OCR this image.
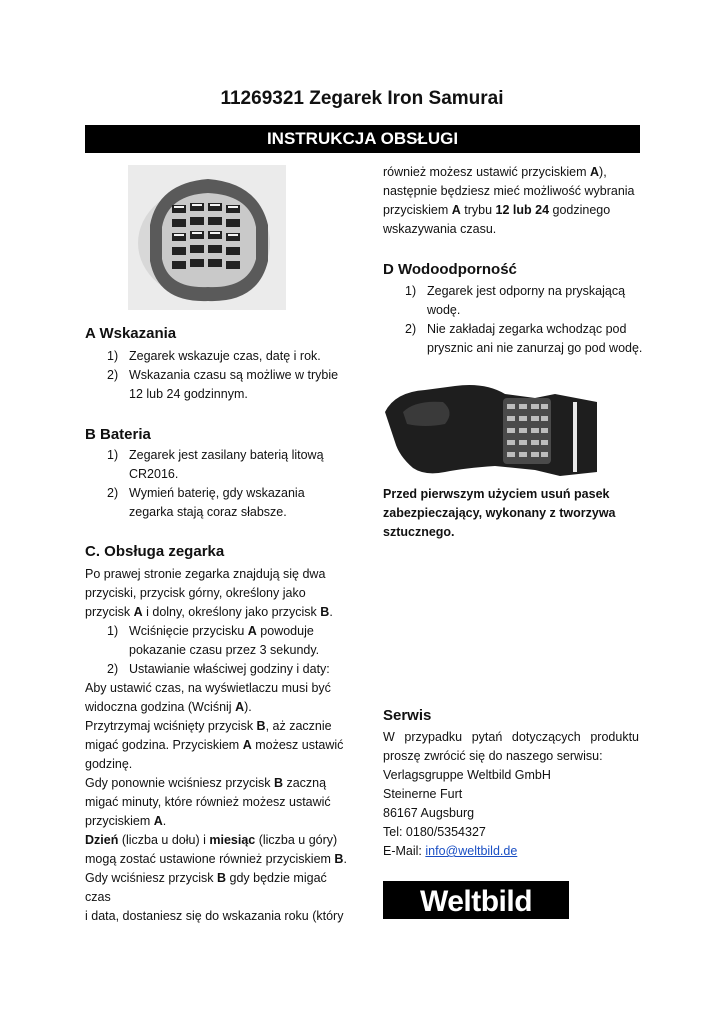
11269321 Zegarek Iron Samurai
INSTRUKCJA OBSŁUGI
A Wskazania
1) Zegarek wskazuje czas, datę i rok.
2) Wskazania czasu są możliwe w trybie
12 lub 24 godzinnym.
B Bateria
1) Zegarek jest zasilany baterią litową
CR2016.
2) Wymień baterię, gdy wskazania
zegarka stają coraz słabsze.
C. Obsługa zegarka

Po prawej stronie zegarka znajdują się dwa

przyciski, przycisk górny, określony jako

przycisk A i dolny, określony jako przycisk B.

1) Wciśnięcie przycisku A powoduje
pokazanie czasu przez 3 sekundy.
2) Ustawianie właściwej godziny i daty:

Aby ustawić czas, na wyświetlaczu musi być

widoczna godzina (Wciśnij A).

Przytrzymaj wciśnięty przycisk B, aż zacznie

migać godzina. Przyciskiem A możesz ustawić

godzinę.

Gdy ponownie wciśniesz przycisk B zaczną

migać minuty, które również możesz ustawić

przyciskiem A.

Dzień (liczba u dołu) i miesiąc (liczba u góry)

mogą zostać ustawione również przyciskiem B.

Gdy wciśniesz przycisk B gdy będzie migać czas

i data, dostaniesz się do wskazania roku (który

również możesz ustawić przyciskiem A),

następnie będziesz mieć możliwość wybrania

przyciskiem A trybu 12 lub 24 godzinego

wskazywania czasu.

D Wodoodporność
1) Zegarek jest odporny na pryskającą
wodę.
2) Nie zakładaj zegarka wchodząc pod
prysznic ani nie zanurzaj go pod wodę.

Przed pierwszym użyciem usuń pasek

zabezpieczający, wykonany z tworzywa

sztucznego.

Serwis

W przypadku pytań dotyczących produktu

proszę zwrócić się do naszego serwisu:

Verlagsgruppe Weltbild GmbH

Steinerne Furt

86167 Augsburg

Tel: 0180/5354327

E-Mail: info@weltbild.de

Weltbild
